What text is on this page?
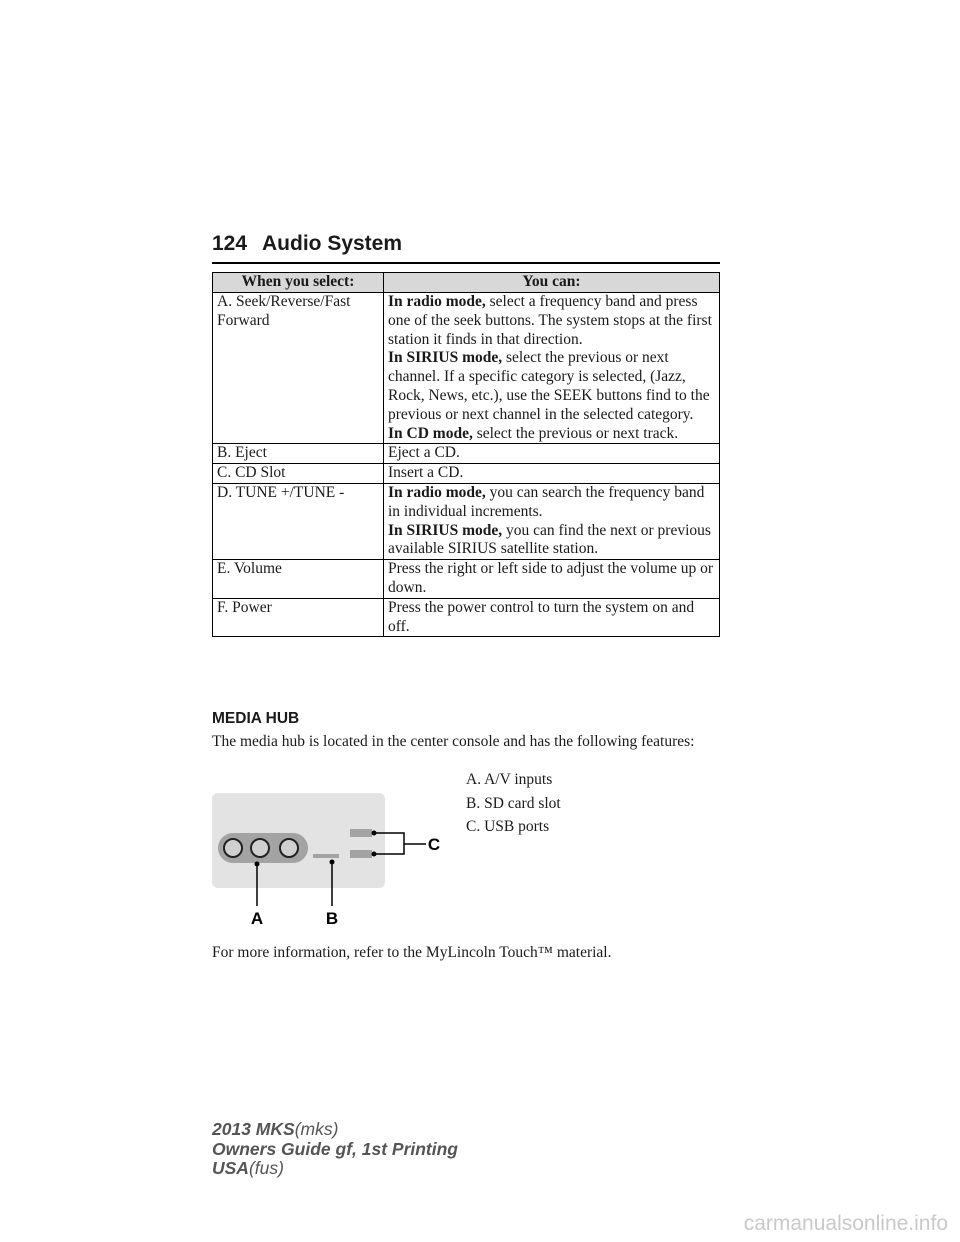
124 Audio System
When you select:	You can:
A. Seek/Reverse/Fast Forward	In radio mode, select a frequency band and press one of the seek buttons. The system stops at the first station it finds in that direction.
In SIRIUS mode, select the previous or next channel. If a specific category is selected, (Jazz, Rock, News, etc.), use the SEEK buttons find to the previous or next channel in the selected category.
In CD mode, select the previous or next track.

B. Eject	Eject a CD.
C. CD Slot	Insert a CD.
D. TUNE +/TUNE -	In radio mode, you can search the frequency band in individual increments.
In SIRIUS mode, you can find the next or previous available SIRIUS satellite station.

E. Volume	Press the right or left side to adjust the volume up or down.
F. Power	Press the power control to turn the system on and off.
MEDIA HUB
The media hub is located in the center console and has the following features:
A. A/V inputs
B. SD card slot
C. USB ports
A	B
C
For more information, refer to the MyLincoln Touch™ material.
2013 MKS(mks)
Owners Guide gf, 1st Printing
USA(fus)
carmanualsonline.info
